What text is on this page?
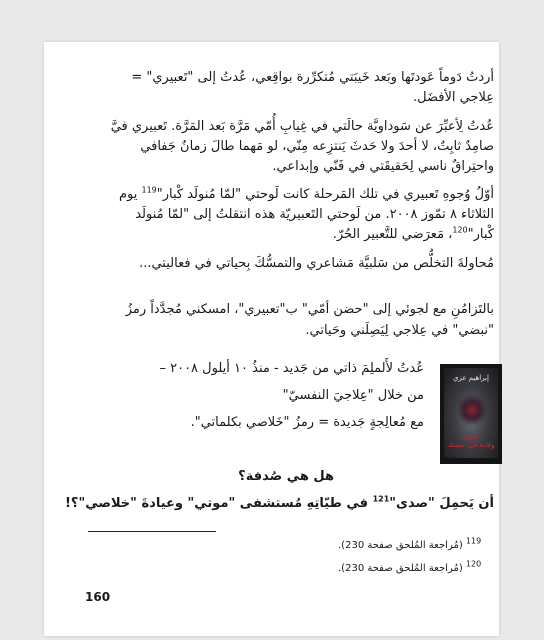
أردتُ دَوماً عَودتَها وبَعد خَيبَتي مُتكرِّرة بواقِعي، عُدتُ إلى "تَعبيري" =
عِلاجي الأفضَل.
عُدتُ لِأعبِّرَ عن سَوداويَّة حالَتي في غِيابِ أُمّي مَرَّة بَعد المَرَّة. تَعبيري فيَّ
صامِدٌ ثابِتٌ، لا أحدَ ولا حَدثَ يَنتزِعه مِنّي، لو مَهما طالَ زمانٌ جَفافي
واحتِراقٌ ناسي لِحَقيقَتي في فَنّي وإبداعي.
أوّلُ وُجوهِ تَعبيري في تلك المَرحلة كانت لَوحتي "لمّا مُنولَد كْبار"$^{119}$ يوم
الثلاثاء ٨ تمّوز ٢٠٠٨. من لَوحتي التَعبيريّة هذه انتقلتُ إلى "لمّا مُنولَد
كْبار"$^{120}$، مَعرَضي للتَّعبير الحُرّ.
مُحاولةَ التخلُّص من سَلبيَّة مَشاعري والتمسُّكَ بِحياتي في فعاليتي...
بالتَزامُنِ مع لجوئي إلى "حضن أمّي" ب"تعبيري"، امسكني مُجدَّداً رمزُ
"نبضي" في عِلاجي لِيَصِلَني وحَياتي.
عُدتُ لأَلملِمَ ذاتي من جَديد - منذُ ١٠ أيلول ٢٠٠٨ –
من خلال "عِلاجيَ النفسيّ"
مع مُعالِجةٍ جَديدة = رمزُ "خَلاصي بكلماتي".
إبراهيم عزي
أجمل
ولادة في حضنك
هل هي صُدفة؟
أن يَحمِلَ "صدى"$^{121}$ في طيّاتِهِ مُستشفى "موتي" وعيادةَ "خلاصي"؟!
$^{119}$ (مُراجعة المُلحق صفحة 230).
$^{120}$ (مُراجعة المُلحق صفحة 230).
160
